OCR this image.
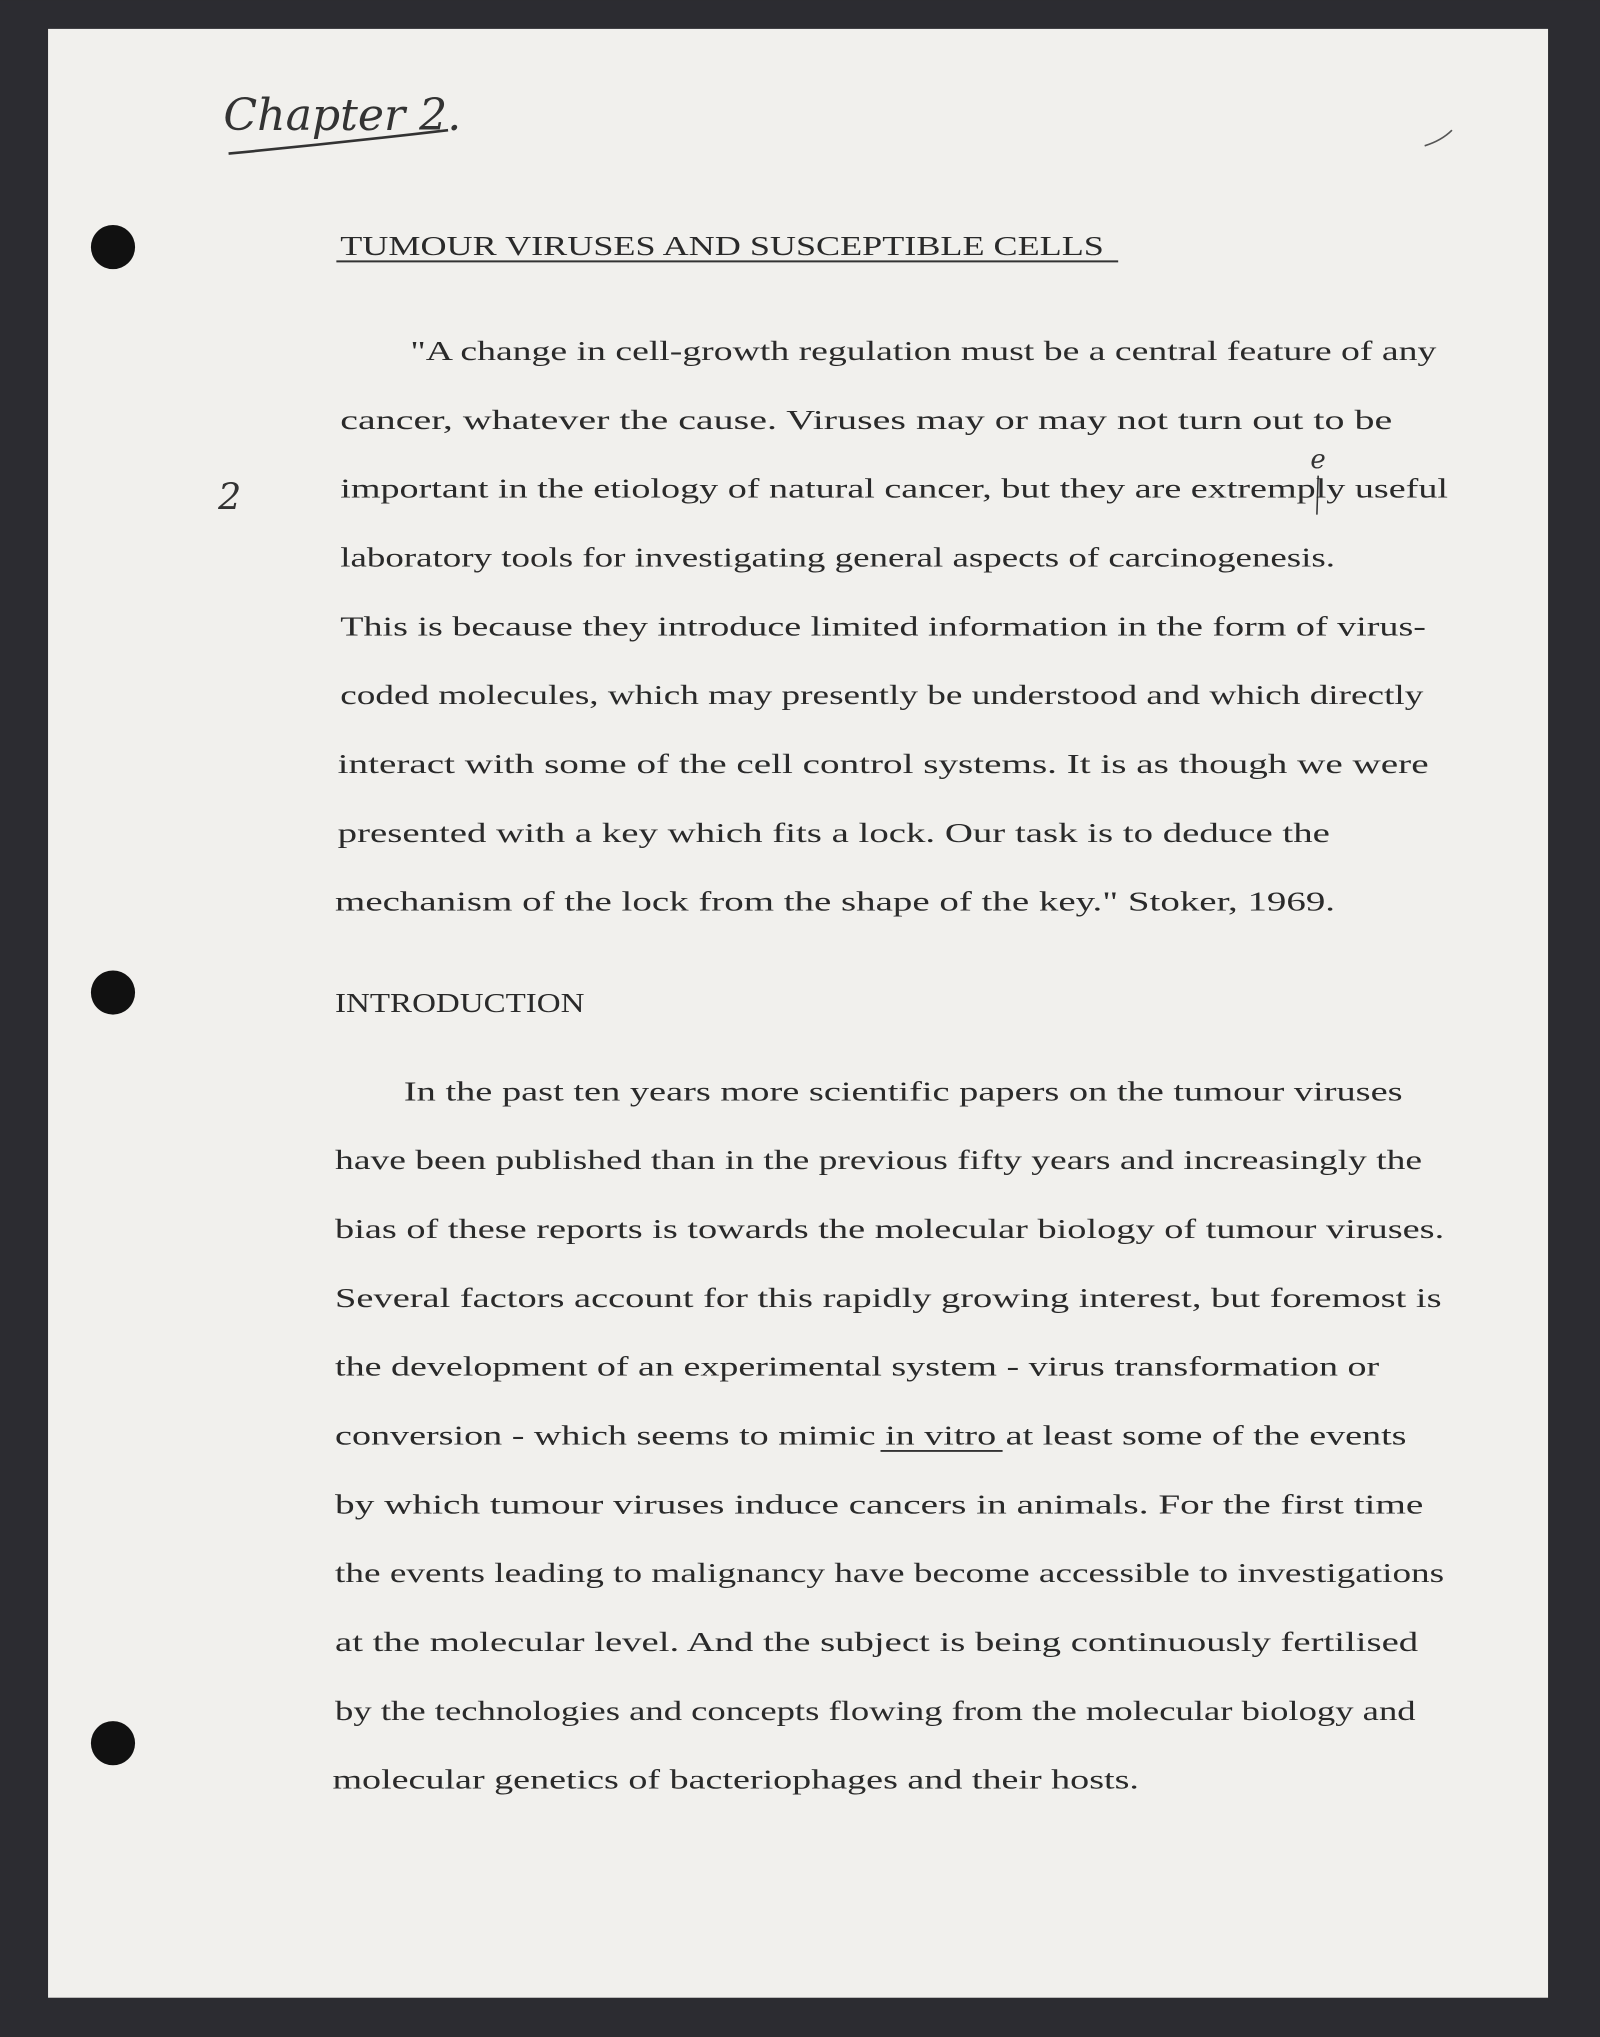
Chapter 2.
2
e
TUMOUR VIRUSES AND SUSCEPTIBLE CELLS
"A change in cell-growth regulation must be a central feature of any
cancer, whatever the cause. Viruses may or may not turn out to be
important in the etiology of natural cancer, but they are extremply useful
laboratory tools for investigating general aspects of carcinogenesis.
This is because they introduce limited information in the form of virus-
coded molecules, which may presently be understood and which directly
interact with some of the cell control systems. It is as though we were
presented with a key which fits a lock. Our task is to deduce the
mechanism of the lock from the shape of the key." Stoker, 1969.
INTRODUCTION
In the past ten years more scientific papers on the tumour viruses
have been published than in the previous fifty years and increasingly the
bias of these reports is towards the molecular biology of tumour viruses.
Several factors account for this rapidly growing interest, but foremost is
the development of an experimental system - virus transformation or
conversion - which seems to mimic in vitro at least some of the events
by which tumour viruses induce cancers in animals. For the first time
the events leading to malignancy have become accessible to investigations
at the molecular level. And the subject is being continuously fertilised
by the technologies and concepts flowing from the molecular biology and
molecular genetics of bacteriophages and their hosts.
